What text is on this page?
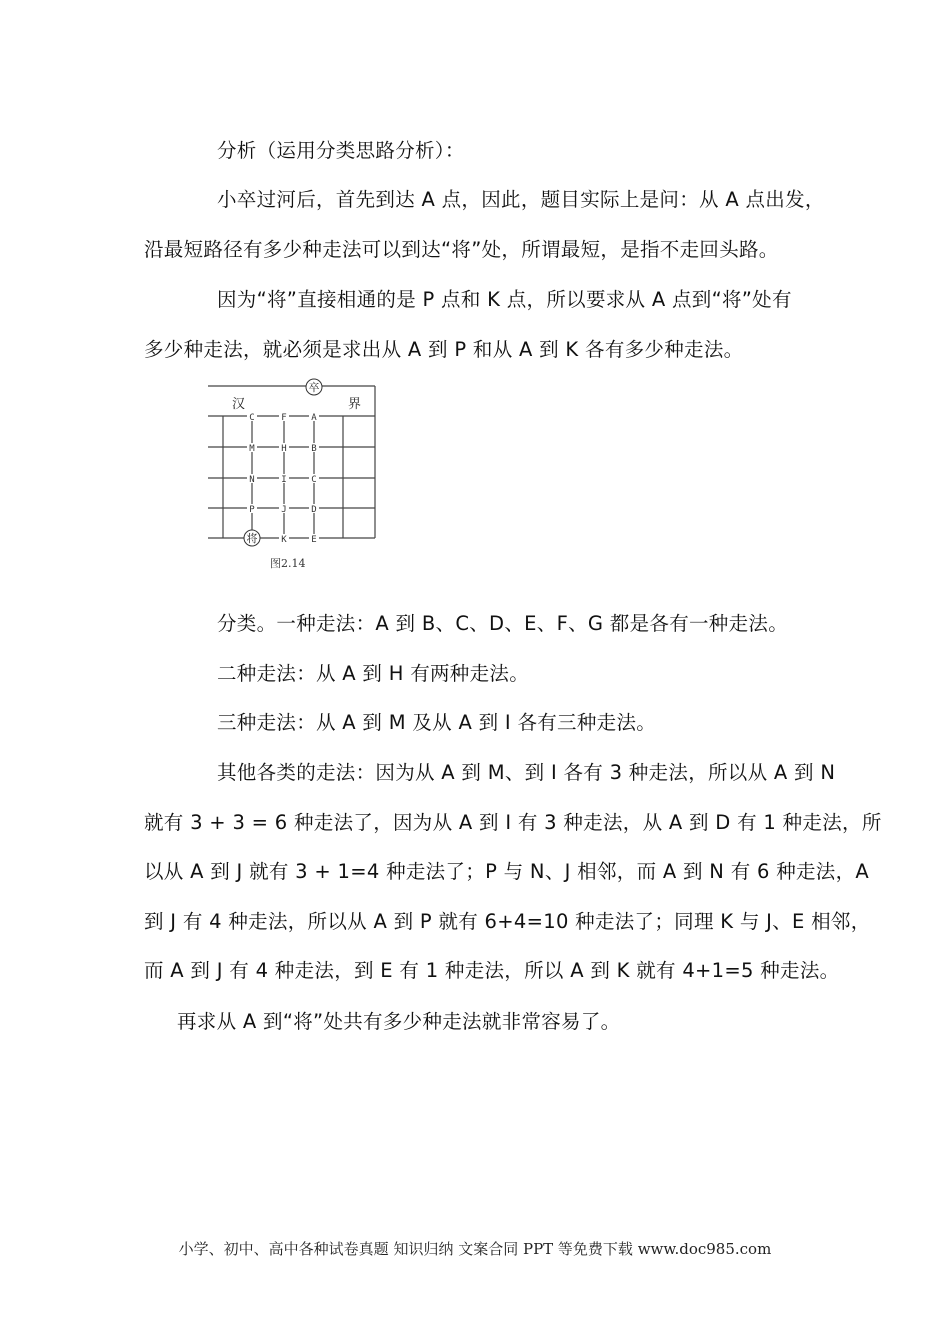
分析（运用分类思路分析）：
小卒过河后，首先到达 A 点，因此，题目实际上是问：从 A 点出发，
沿最短路径有多少种走法可以到达“将”处，所谓最短，是指不走回头路。
因为“将”直接相通的是 P 点和 K 点，所以要求从 A 点到“将”处有
多少种走法，就必须是求出从 A 到 P 和从 A 到 K 各有多少种走法。
卒
汉	界
C	F	A
M	H	B
N	I	C
P	J	D
将	K	E
图2.14
分类。一种走法：A 到 B、C、D、E、F、G 都是各有一种走法。
二种走法：从 A 到 H 有两种走法。
三种走法：从 A 到 M 及从 A 到 I 各有三种走法。
其他各类的走法：因为从 A 到 M、到 I 各有 3 种走法，所以从 A 到 N
就有 3 + 3 = 6 种走法了，因为从 A 到 I 有 3 种走法，从 A 到 D 有 1 种走法，所
以从 A 到 J 就有 3 + 1=4 种走法了；P 与 N、J 相邻，而 A 到 N 有 6 种走法，A
到 J 有 4 种走法，所以从 A 到 P 就有 6+4=10 种走法了；同理 K 与 J、E 相邻，
而 A 到 J 有 4 种走法，到 E 有 1 种走法，所以 A 到 K 就有 4+1=5 种走法。
再求从 A 到“将”处共有多少种走法就非常容易了。
小学、初中、高中各种试卷真题 知识归纳 文案合同 PPT 等免费下载 www.doc985.com
